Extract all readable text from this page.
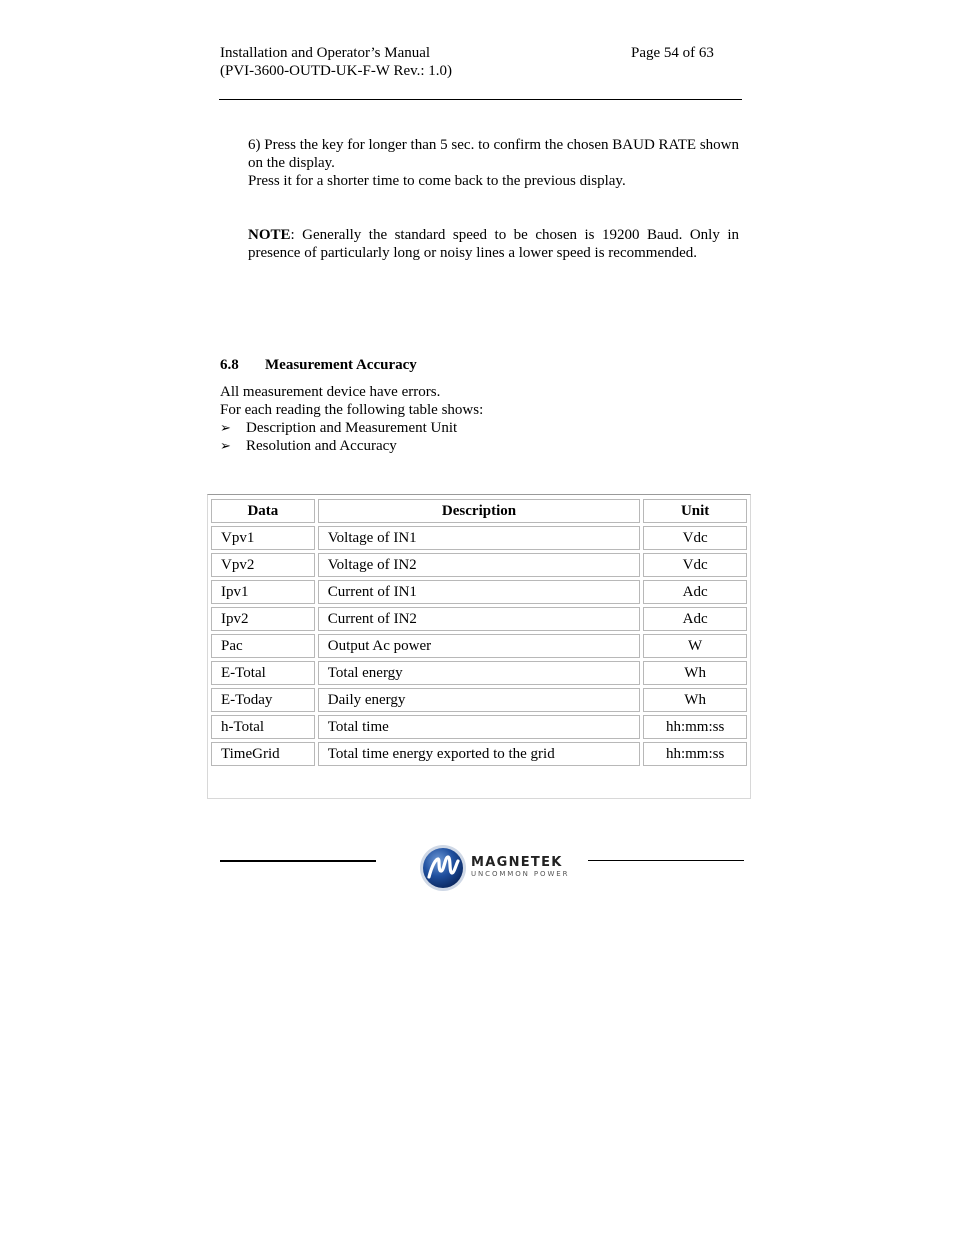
Installation and Operator’s Manual
(PVI-3600-OUTD-UK-F-W Rev.: 1.0)
Page 54 of 63
6) Press the key for longer than 5 sec. to confirm the chosen BAUD RATE shown on the display.
Press it for a shorter time to come back to the previous display.
NOTE: Generally the standard speed to be chosen is 19200 Baud. Only in presence of particularly long or noisy lines a lower speed is recommended.
6.8 Measurement Accuracy
All measurement device have errors.
For each reading the following table shows:
➢ Description and Measurement Unit
➢ Resolution and Accuracy
Data	Description	Unit
Vpv1	Voltage of IN1	Vdc
Vpv2	Voltage of IN2	Vdc
Ipv1	Current of IN1	Adc
Ipv2	Current of IN2	Adc
Pac	Output Ac power	W
E-Total	Total energy	Wh
E-Today	Daily energy	Wh
h-Total	Total time	hh:mm:ss
TimeGrid	Total time energy exported to the grid	hh:mm:ss
MAGNETEK
UNCOMMON POWER
